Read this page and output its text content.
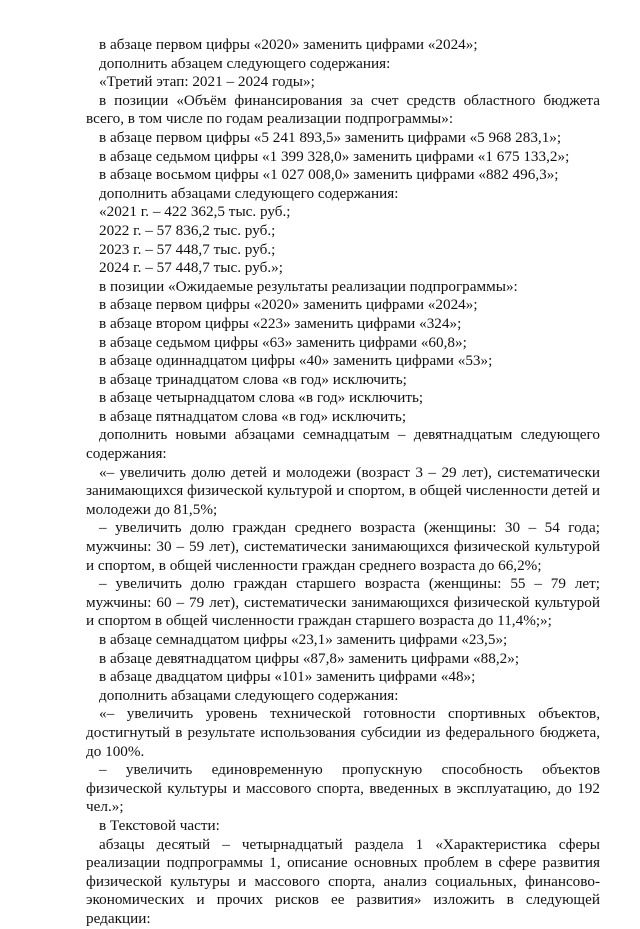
в абзаце первом цифры «2020» заменить цифрами «2024»;

дополнить абзацем следующего содержания:

«Третий этап: 2021 – 2024 годы»;

в позиции «Объём финансирования за счет средств областного бюджета всего, в том числе по годам реализации подпрограммы»:

в абзаце первом цифры «5 241 893,5» заменить цифрами «5 968 283,1»;

в абзаце седьмом цифры «1 399 328,0» заменить цифрами «1 675 133,2»;

в абзаце восьмом цифры «1 027 008,0» заменить цифрами «882 496,3»;

дополнить абзацами следующего содержания:

«2021 г. – 422 362,5 тыс. руб.;

2022 г. – 57 836,2 тыс. руб.;

2023 г. – 57 448,7 тыс. руб.;

2024 г. – 57 448,7 тыс. руб.»;

в позиции «Ожидаемые результаты реализации подпрограммы»:

в абзаце первом цифры «2020» заменить цифрами «2024»;

в абзаце втором цифры «223» заменить цифрами «324»;

в абзаце седьмом цифры «63» заменить цифрами «60,8»;

в абзаце одиннадцатом цифры «40» заменить цифрами «53»;

в абзаце тринадцатом слова «в год» исключить;

в абзаце четырнадцатом слова «в год» исключить;

в абзаце пятнадцатом слова «в год» исключить;

дополнить новыми абзацами семнадцатым – девятнадцатым следующего содержания:

«– увеличить долю детей и молодежи (возраст 3 – 29 лет), систематически занимающихся физической культурой и спортом, в общей численности детей и молодежи до 81,5%;

– увеличить долю граждан среднего возраста (женщины: 30 – 54 года; мужчины: 30 – 59 лет), систематически занимающихся физической культурой и спортом, в общей численности граждан среднего возраста до 66,2%;

– увеличить долю граждан старшего возраста (женщины: 55 – 79 лет; мужчины: 60 – 79 лет), систематически занимающихся физической культурой и спортом в общей численности граждан старшего возраста до 11,4%;»;

в абзаце семнадцатом цифры «23,1» заменить цифрами «23,5»;

в абзаце девятнадцатом цифры «87,8» заменить цифрами «88,2»;

в абзаце двадцатом цифры «101» заменить цифрами «48»;

дополнить абзацами следующего содержания:

«– увеличить уровень технической готовности спортивных объектов, достигнутый в результате использования субсидии из федерального бюджета, до 100%.

– увеличить единовременную пропускную способность объектов физической культуры и массового спорта, введенных в эксплуатацию, до 192 чел.»;

в Текстовой части:

абзацы десятый – четырнадцатый раздела 1 «Характеристика сферы реализации подпрограммы 1, описание основных проблем в сфере развития физической культуры и массового спорта, анализ социальных, финансово-экономических и прочих рисков ее развития» изложить в следующей редакции:
